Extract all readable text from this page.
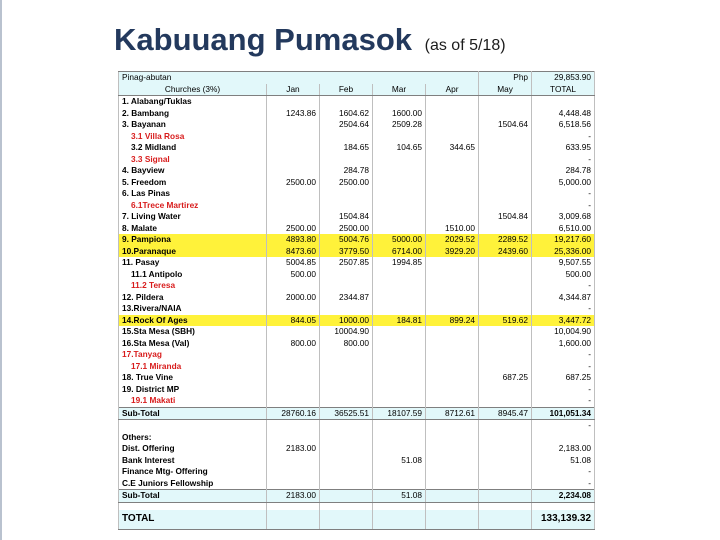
Kabuuang Pumasok (as of 5/18)
Pinag-abutan					Php	29,853.90
Churches (3%)	Jan	Feb	Mar	Apr	May	TOTAL
1. Alabang/Tuklas						
2. Bambang	1243.86	1604.62	1600.00			4,448.48
3. Bayanan		2504.64	2509.28		1504.64	6,518.56
3.1 Villa Rosa						-
3.2 Midland		184.65	104.65	344.65		633.95
3.3 Signal						-
4. Bayview		284.78				284.78
5. Freedom	2500.00	2500.00				5,000.00
6. Las Pinas						-
6.1Trece Martirez						-
7. Living Water		1504.84			1504.84	3,009.68
8. Malate	2500.00	2500.00		1510.00		6,510.00
9. Pampiona	4893.80	5004.76	5000.00	2029.52	2289.52	19,217.60
10.Paranaque	8473.60	3779.50	6714.00	3929.20	2439.60	25,336.00
11. Pasay	5004.85	2507.85	1994.85			9,507.55
11.1 Antipolo	500.00					500.00
11.2 Teresa						-
12. Pildera	2000.00	2344.87				4,344.87
13.Rivera/NAIA						-
14.Rock Of Ages	844.05	1000.00	184.81	899.24	519.62	3,447.72
15.Sta Mesa (SBH)		10004.90				10,004.90
16.Sta Mesa (Val)	800.00	800.00				1,600.00
17.Tanyag						-
17.1 Miranda						-
18. True Vine					687.25	687.25
19. District MP						-
19.1 Makati						-
Sub-Total	28760.16	36525.51	18107.59	8712.61	8945.47	101,051.34
						-
Others:						
Dist. Offering	2183.00					2,183.00
Bank Interest			51.08			51.08
Finance Mtg- Offering						-
C.E Juniors Fellowship						-
Sub-Total	2183.00		51.08			2,234.08

TOTAL						133,139.32
